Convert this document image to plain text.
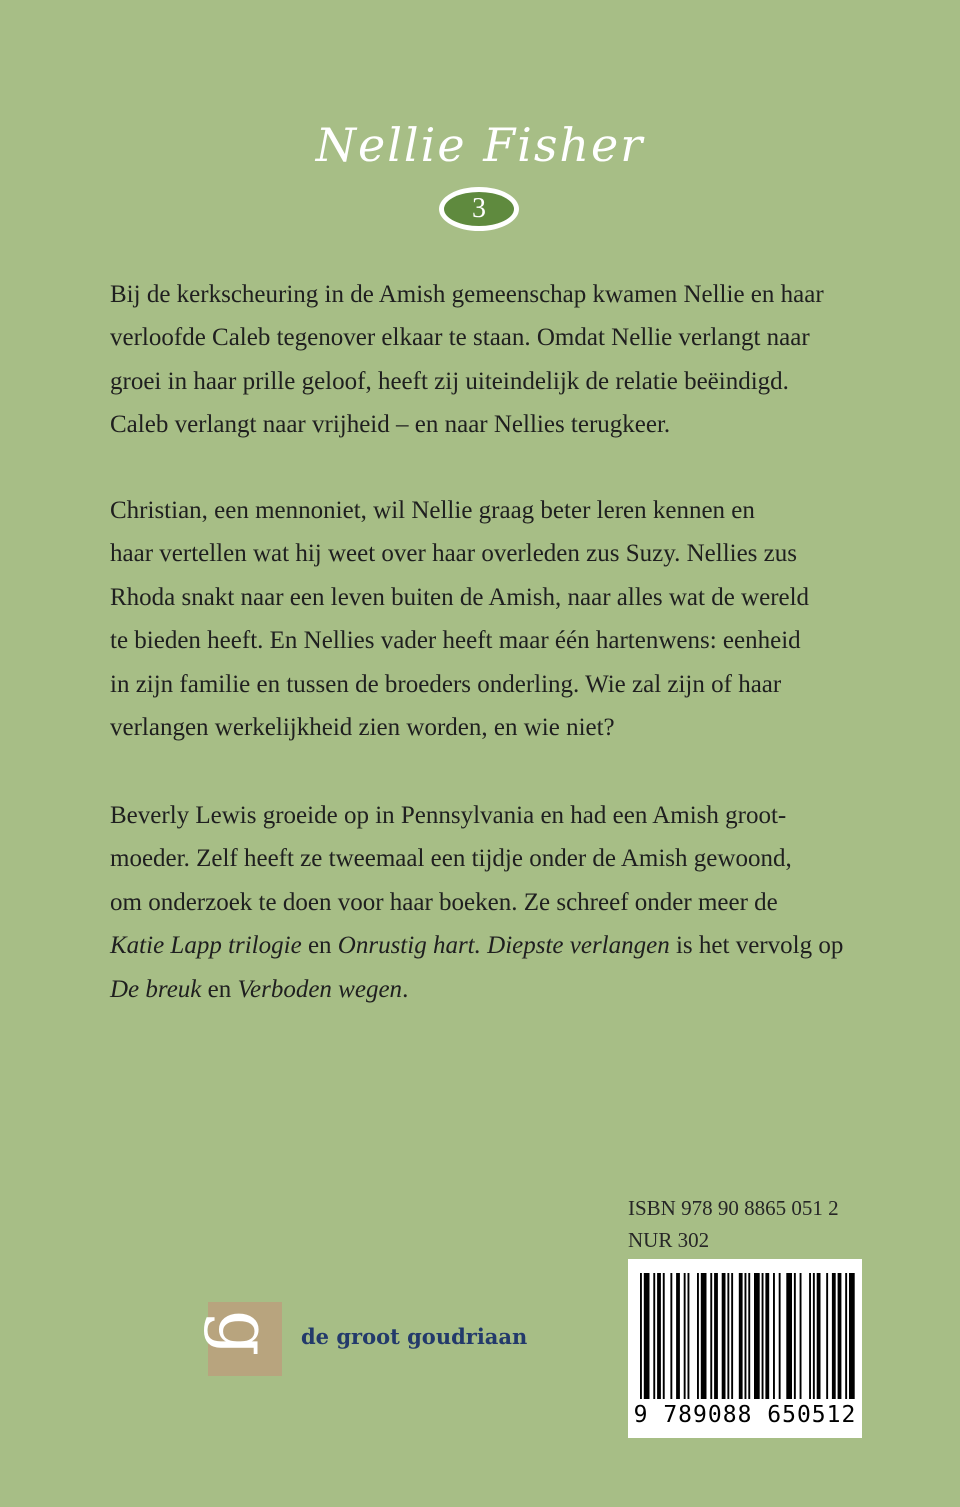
Nellie Fisher
3

Bij de kerkscheuring in de Amish gemeenschap kwamen Nellie en haar
verloofde Caleb tegenover elkaar te staan. Omdat Nellie verlangt naar
groei in haar prille geloof, heeft zij uiteindelijk de relatie beëindigd.
Caleb verlangt naar vrijheid – en naar Nellies terugkeer.

Christian, een mennoniet, wil Nellie graag beter leren kennen en
haar vertellen wat hij weet over haar overleden zus Suzy. Nellies zus
Rhoda snakt naar een leven buiten de Amish, naar alles wat de wereld
te bieden heeft. En Nellies vader heeft maar één hartenwens: eenheid
in zijn familie en tussen de broeders onderling. Wie zal zijn of haar
verlangen werkelijkheid zien worden, en wie niet?

Beverly Lewis groeide op in Pennsylvania en had een Amish groot-
moeder. Zelf heeft ze tweemaal een tijdje onder de Amish gewoond,
om onderzoek te doen voor haar boeken. Ze schreef onder meer de
Katie Lapp trilogie en Onrustig hart. Diepste verlangen is het vervolg op
De breuk en Verboden wegen.

ISBN 978 90 8865 051 2
NUR 302
9 789088 650512
g de groot goudriaan
